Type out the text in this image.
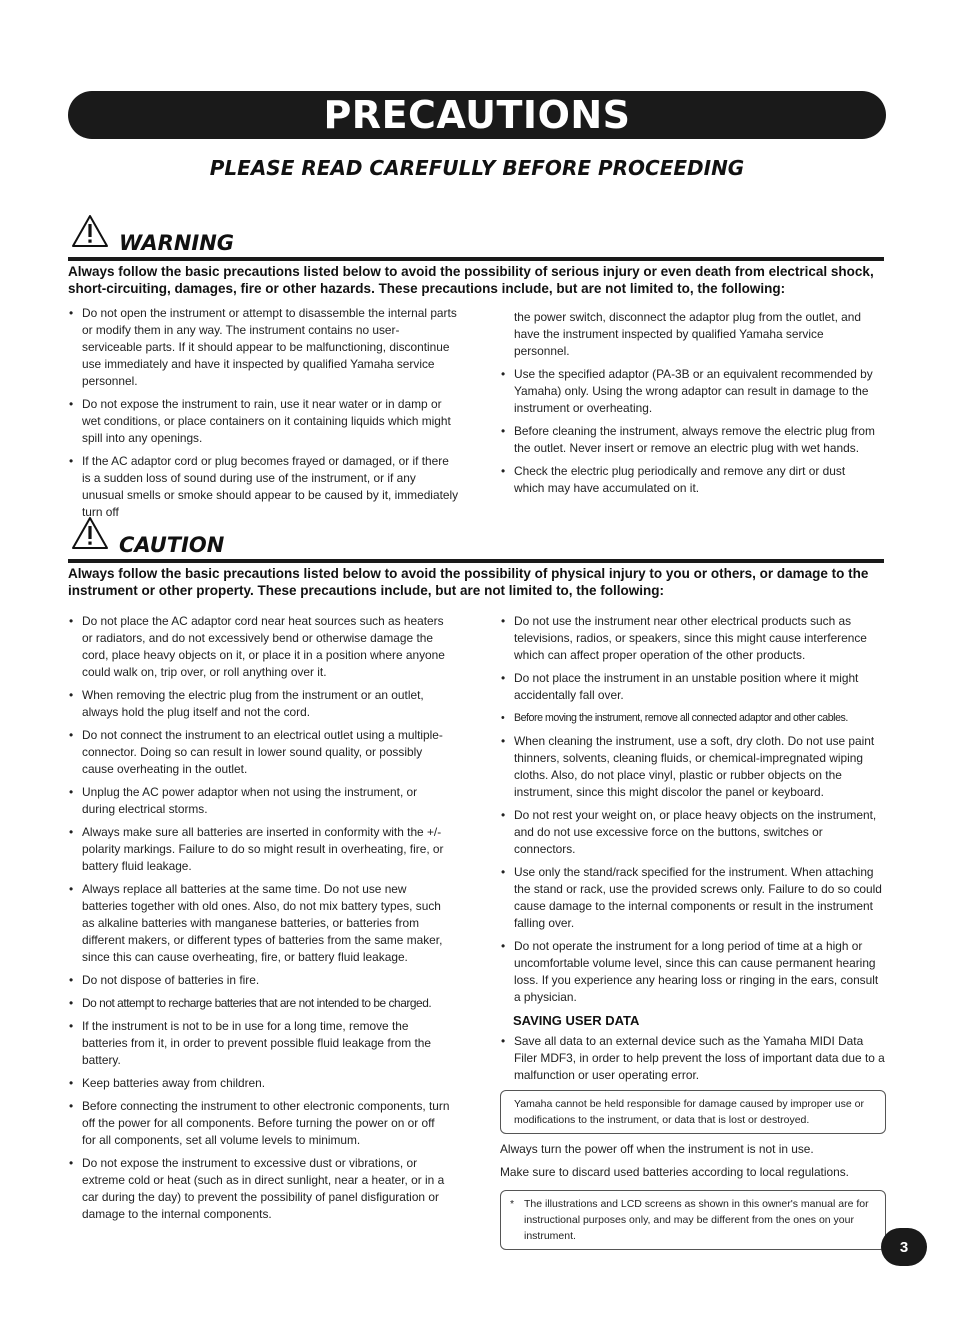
PRECAUTIONS
PLEASE READ CAREFULLY BEFORE PROCEEDING
WARNING
Always follow the basic precautions listed below to avoid the possibility of serious injury or even death from electrical shock, short-circuiting, damages, fire or other hazards. These precautions include, but are not limited to, the following:
• Do not open the instrument or attempt to disassemble the internal parts or modify them in any way. The instrument contains no user-serviceable parts. If it should appear to be malfunctioning, discontinue use immediately and have it inspected by qualified Yamaha service personnel.
• Do not expose the instrument to rain, use it near water or in damp or wet conditions, or place containers on it containing liquids which might spill into any openings.
• If the AC adaptor cord or plug becomes frayed or damaged, or if there is a sudden loss of sound during use of the instrument, or if any unusual smells or smoke should appear to be caused by it, immediately turn off
the power switch, disconnect the adaptor plug from the outlet, and have the instrument inspected by qualified Yamaha service personnel.
• Use the specified adaptor (PA-3B or an equivalent recommended by Yamaha) only. Using the wrong adaptor can result in damage to the instrument or overheating.
• Before cleaning the instrument, always remove the electric plug from the outlet. Never insert or remove an electric plug with wet hands.
• Check the electric plug periodically and remove any dirt or dust which may have accumulated on it.
CAUTION
Always follow the basic precautions listed below to avoid the possibility of physical injury to you or others, or damage to the instrument or other property. These precautions include, but are not limited to, the following:
• Do not place the AC adaptor cord near heat sources such as heaters or radiators, and do not excessively bend or otherwise damage the cord, place heavy objects on it, or place it in a position where anyone could walk on, trip over, or roll anything over it.
• When removing the electric plug from the instrument or an outlet, always hold the plug itself and not the cord.
• Do not connect the instrument to an electrical outlet using a multiple-connector. Doing so can result in lower sound quality, or possibly cause overheating in the outlet.
• Unplug the AC power adaptor when not using the instrument, or during electrical storms.
• Always make sure all batteries are inserted in conformity with the +/- polarity markings. Failure to do so might result in overheating, fire, or battery fluid leakage.
• Always replace all batteries at the same time. Do not use new batteries together with old ones. Also, do not mix battery types, such as alkaline batteries with manganese batteries, or batteries from different makers, or different types of batteries from the same maker, since this can cause overheating, fire, or battery fluid leakage.
• Do not dispose of batteries in fire.
• Do not attempt to recharge batteries that are not intended to be charged.
• If the instrument is not to be in use for a long time, remove the batteries from it, in order to prevent possible fluid leakage from the battery.
• Keep batteries away from children.
• Before connecting the instrument to other electronic components, turn off the power for all components. Before turning the power on or off for all components, set all volume levels to minimum.
• Do not expose the instrument to excessive dust or vibrations, or extreme cold or heat (such as in direct sunlight, near a heater, or in a car during the day) to prevent the possibility of panel disfiguration or damage to the internal components.
• Do not use the instrument near other electrical products such as televisions, radios, or speakers, since this might cause interference which can affect proper operation of the other products.
• Do not place the instrument in an unstable position where it might accidentally fall over.
• Before moving the instrument, remove all connected adaptor and other cables.
• When cleaning the instrument, use a soft, dry cloth. Do not use paint thinners, solvents, cleaning fluids, or chemical-impregnated wiping cloths. Also, do not place vinyl, plastic or rubber objects on the instrument, since this might discolor the panel or keyboard.
• Do not rest your weight on, or place heavy objects on the instrument, and do not use excessive force on the buttons, switches or connectors.
• Use only the stand/rack specified for the instrument. When attaching the stand or rack, use the provided screws only. Failure to do so could cause damage to the internal components or result in the instrument falling over.
• Do not operate the instrument for a long period of time at a high or uncomfortable volume level, since this can cause permanent hearing loss. If you experience any hearing loss or ringing in the ears, consult a physician.
SAVING USER DATA
• Save all data to an external device such as the Yamaha MIDI Data Filer MDF3, in order to help prevent the loss of important data due to a malfunction or user operating error.
Yamaha cannot be held responsible for damage caused by improper use or modifications to the instrument, or data that is lost or destroyed.
Always turn the power off when the instrument is not in use.
Make sure to discard used batteries according to local regulations.
* The illustrations and LCD screens as shown in this owner's manual are for instructional purposes only, and may be different from the ones on your instrument.
3
